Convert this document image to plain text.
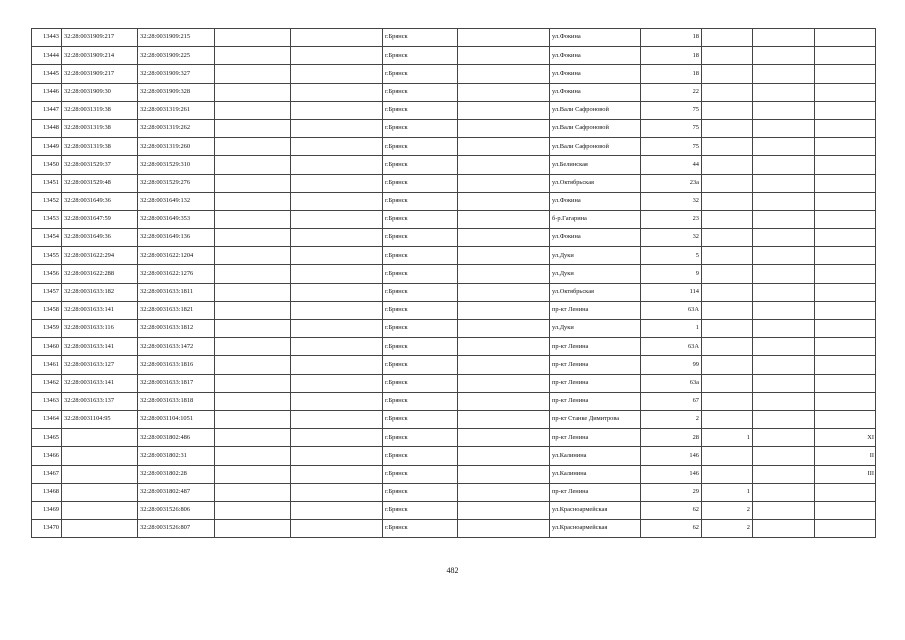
13443	32:28:0031909:217	32:28:0031909:215			г.Брянск		ул.Фокина	18			
13444	32:28:0031909:214	32:28:0031909:225			г.Брянск		ул.Фокина	18			
13445	32:28:0031909:217	32:28:0031909:327			г.Брянск		ул.Фокина	18			
13446	32:28:0031909:30	32:28:0031909:328			г.Брянск		ул.Фокина	22			
13447	32:28:0031319:38	32:28:0031319:261			г.Брянск		ул.Вали Сафроновой	75			
13448	32:28:0031319:38	32:28:0031319:262			г.Брянск		ул.Вали Сафроновой	75			
13449	32:28:0031319:38	32:28:0031319:260			г.Брянск		ул.Вали Сафроновой	75			
13450	32:28:0031529:37	32:28:0031529:310			г.Брянск		ул.Белинская	44			
13451	32:28:0031529:48	32:28:0031529:276			г.Брянск		ул.Октябрьская	23а			
13452	32:28:0031649:36	32:28:0031649:132			г.Брянск		ул.Фокина	32			
13453	32:28:0031647:59	32:28:0031649:353			г.Брянск		б-р.Гагарина	23			
13454	32:28:0031649:36	32:28:0031649:136			г.Брянск		ул.Фокина	32			
13455	32:28:0031622:294	32:28:0031622:1204			г.Брянск		ул.Дуки	5			
13456	32:28:0031622:288	32:28:0031622:1276			г.Брянск		ул.Дуки	9			
13457	32:28:0031633:182	32:28:0031633:1811			г.Брянск		ул.Октябрьская	114			
13458	32:28:0031633:141	32:28:0031633:1821			г.Брянск		пр-кт Ленина	63А			
13459	32:28:0031633:116	32:28:0031633:1812			г.Брянск		ул.Дуки	1			
13460	32:28:0031633:141	32:28:0031633:1472			г.Брянск		пр-кт Ленина	63А			
13461	32:28:0031633:127	32:28:0031633:1816			г.Брянск		пр-кт Ленина	99			
13462	32:28:0031633:141	32:28:0031633:1817			г.Брянск		пр-кт Ленина	63а			
13463	32:28:0031633:137	32:28:0031633:1818			г.Брянск		пр-кт Ленина	67			
13464	32:28:0031104:95	32:28:0031104:1051			г.Брянск		пр-кт Станке Димитрова	2			
13465		32:28:0031802:486			г.Брянск		пр-кт Ленина	28	1		XI
13466		32:28:0031802:31			г.Брянск		ул.Калинина	146			II
13467		32:28:0031802:28			г.Брянск		ул.Калинина	146			III
13468		32:28:0031802:487			г.Брянск		пр-кт Ленина	29	1		
13469		32:28:0031526:806			г.Брянск		ул.Красноармейская	62	2		
13470		32:28:0031526:807			г.Брянск		ул.Красноармейская	62	2		
482
